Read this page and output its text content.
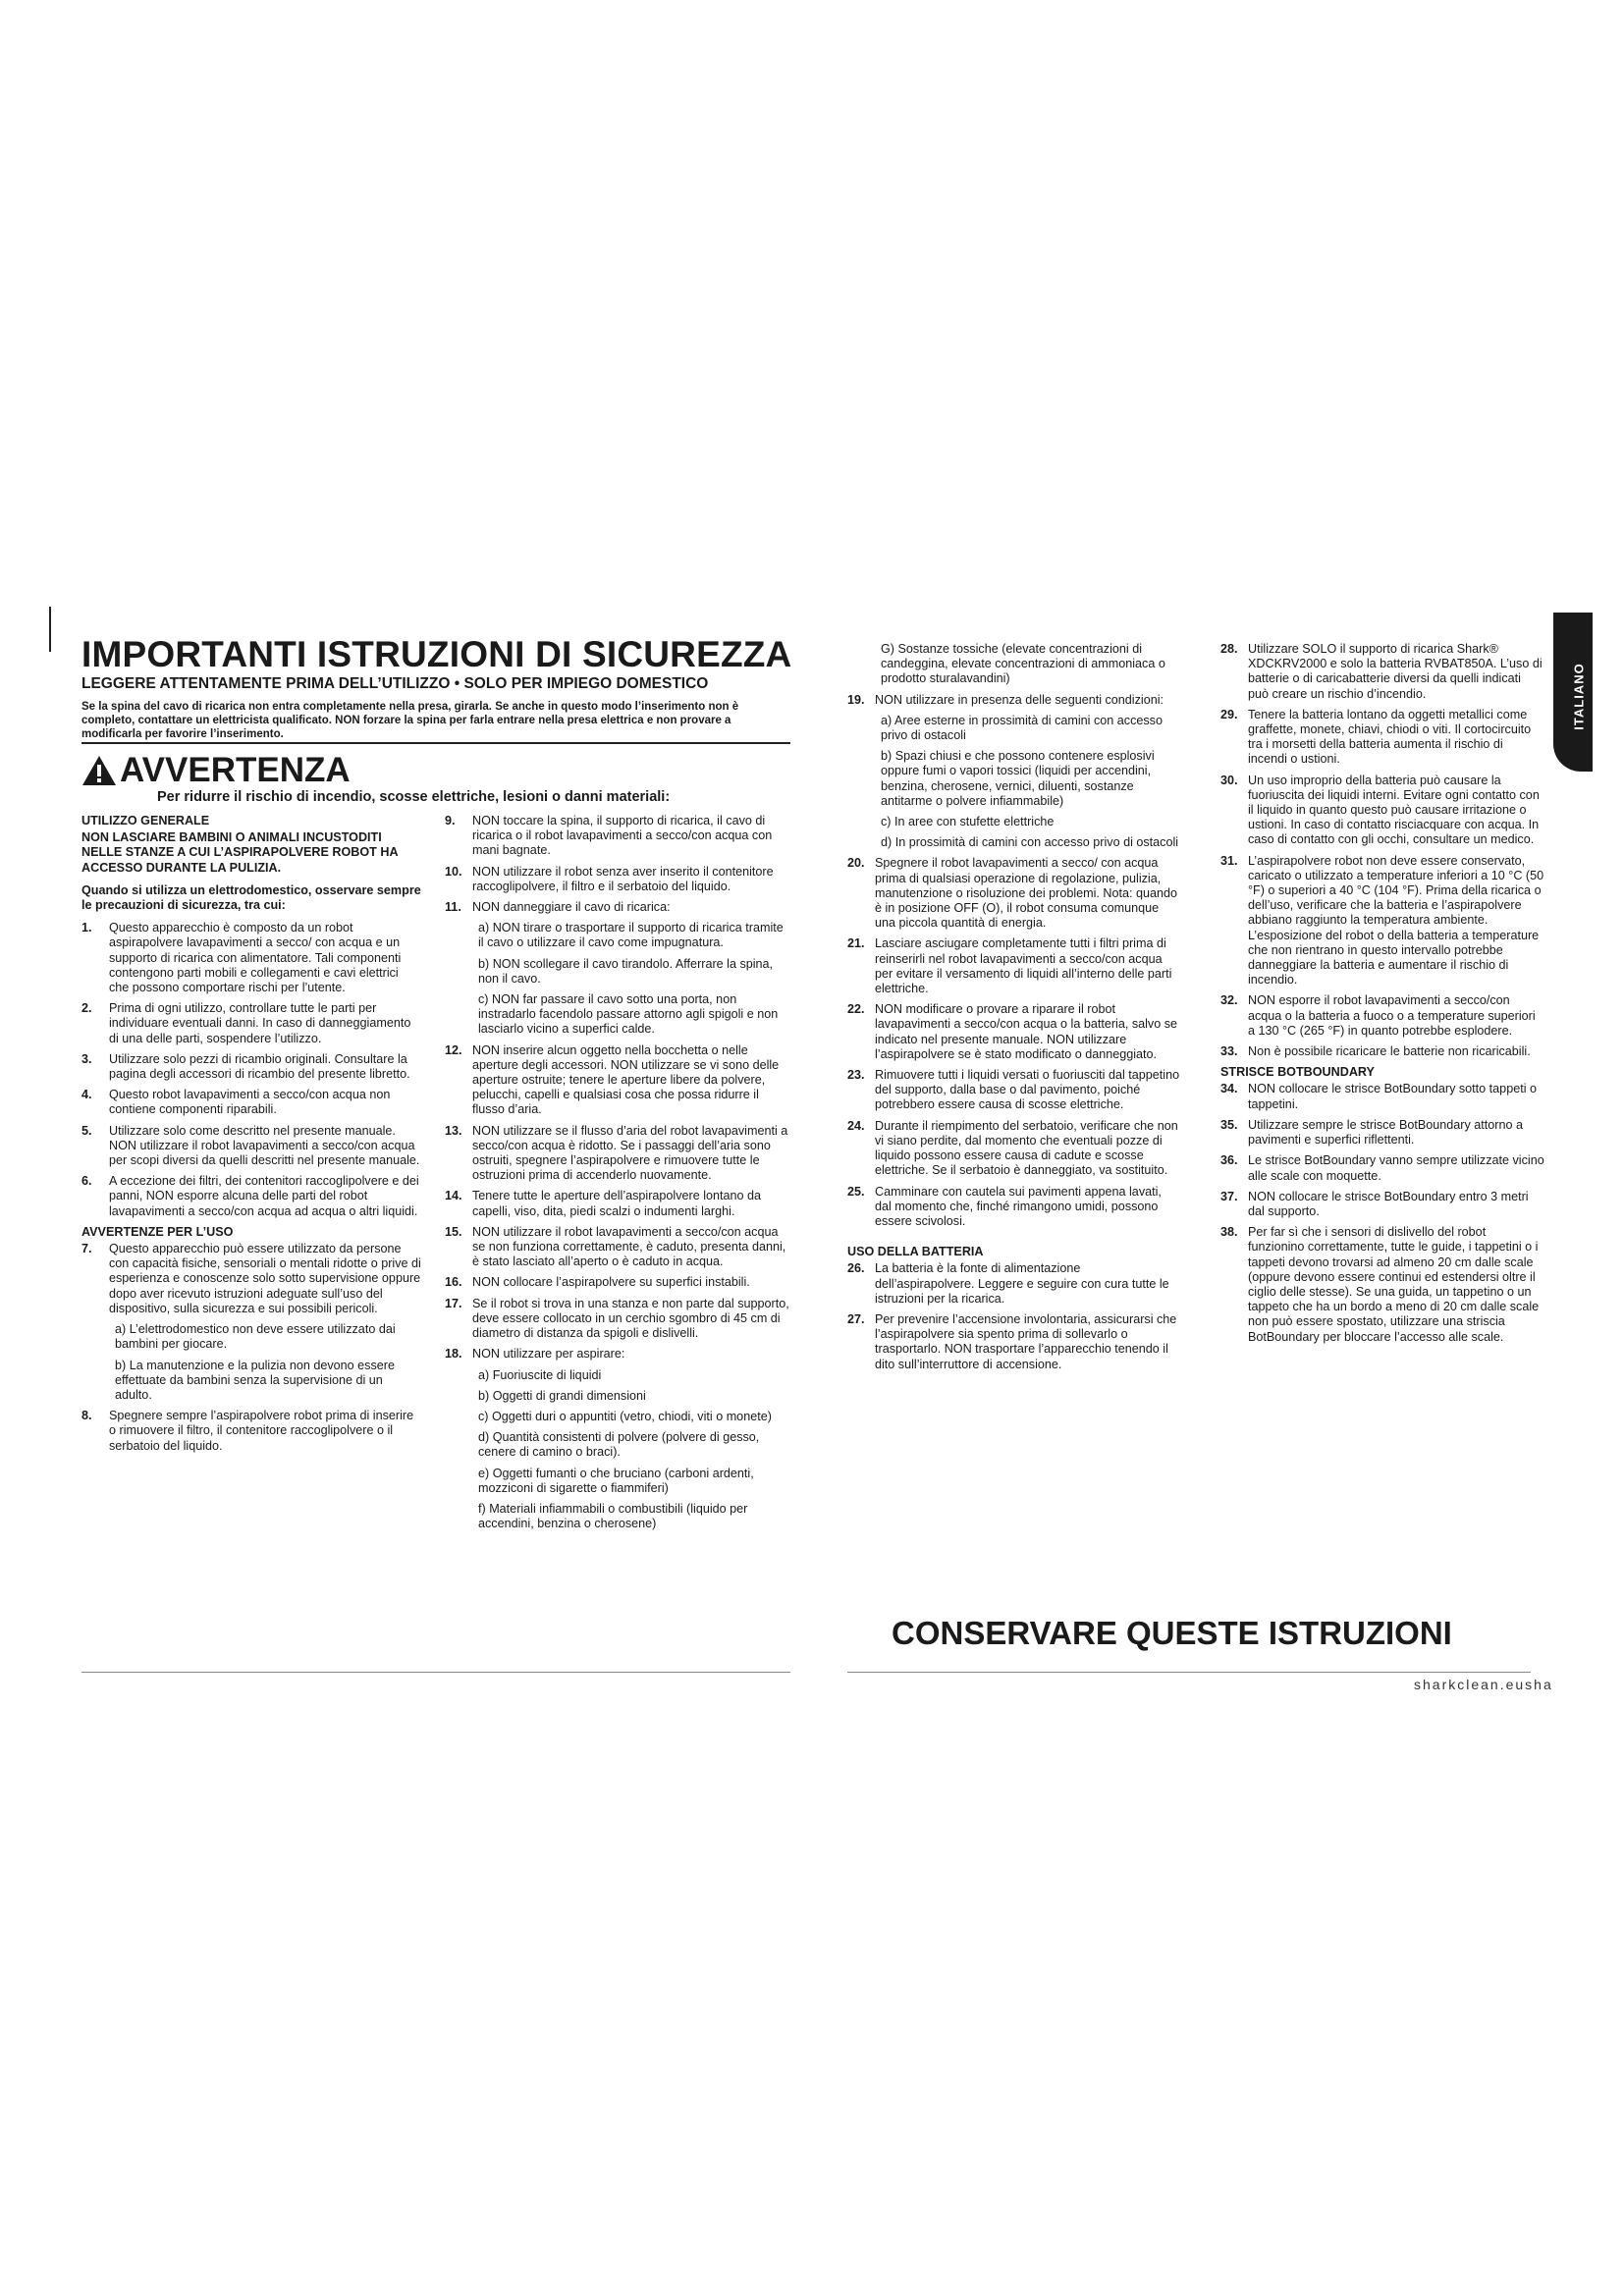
IMPORTANTI ISTRUZIONI DI SICUREZZA
LEGGERE ATTENTAMENTE PRIMA DELL’UTILIZZO • SOLO PER IMPIEGO DOMESTICO
Se la spina del cavo di ricarica non entra completamente nella presa, girarla. Se anche in questo modo l’inserimento non è completo, contattare un elettricista qualificato. NON forzare la spina per farla entrare nella presa elettrica e non provare a modificarla per favorire l’inserimento.
AVVERTENZA
Per ridurre il rischio di incendio, scosse elettriche, lesioni o danni materiali:
UTILIZZO GENERALE
NON LASCIARE BAMBINI O ANIMALI INCUSTODITI NELLE STANZE A CUI L’ASPIRAPOLVERE ROBOT HA ACCESSO DURANTE LA PULIZIA.
Quando si utilizza un elettrodomestico, osservare sempre le precauzioni di sicurezza, tra cui:
1.	Questo apparecchio è composto da un robot aspirapolvere lavapavimenti a secco/ con acqua e un supporto di ricarica con alimentatore. Tali componenti contengono parti mobili e collegamenti e cavi elettrici che possono comportare rischi per l’utente.
2.	Prima di ogni utilizzo, controllare tutte le parti per individuare eventuali danni. In caso di danneggiamento di una delle parti, sospendere l’utilizzo.
3.	Utilizzare solo pezzi di ricambio originali. Consultare la pagina degli accessori di ricambio del presente libretto.
4.	Questo robot lavapavimenti a secco/con acqua non contiene componenti riparabili.
5.	Utilizzare solo come descritto nel presente manuale. NON utilizzare il robot lavapavimenti a secco/con acqua per scopi diversi da quelli descritti nel presente manuale.
6.	A eccezione dei filtri, dei contenitori raccoglipolvere e dei panni, NON esporre alcuna delle parti del robot lavapavimenti a secco/con acqua ad acqua o altri liquidi.
AVVERTENZE PER L’USO
7.	Questo apparecchio può essere utilizzato da persone con capacità fisiche, sensoriali o mentali ridotte o prive di esperienza e conoscenze solo sotto supervisione oppure dopo aver ricevuto istruzioni adeguate sull’uso del dispositivo, sulla sicurezza e sui possibili pericoli.
a) L’elettrodomestico non deve essere utilizzato dai bambini per giocare.
b) La manutenzione e la pulizia non devono essere effettuate da bambini senza la supervisione di un adulto.
8.	Spegnere sempre l’aspirapolvere robot prima di inserire o rimuovere il filtro, il contenitore raccoglipolvere o il serbatoio del liquido.
9.	NON toccare la spina, il supporto di ricarica, il cavo di ricarica o il robot lavapavimenti a secco/con acqua con mani bagnate.
10. NON utilizzare il robot senza aver inserito il contenitore raccoglipolvere, il filtro e il serbatoio del liquido.
11. NON danneggiare il cavo di ricarica:
a) NON tirare o trasportare il supporto di ricarica tramite il cavo o utilizzare il cavo come impugnatura.
b) NON scollegare il cavo tirandolo. Afferrare la spina, non il cavo.
c) NON far passare il cavo sotto una porta, non instradarlo facendolo passare attorno agli spigoli e non lasciarlo vicino a superfici calde.
12. NON inserire alcun oggetto nella bocchetta o nelle aperture degli accessori. NON utilizzare se vi sono delle aperture ostruite; tenere le aperture libere da polvere, pelucchi, capelli e qualsiasi cosa che possa ridurre il flusso d’aria.
13. NON utilizzare se il flusso d’aria del robot lavapavimenti a secco/con acqua è ridotto. Se i passaggi dell’aria sono ostruiti, spegnere l’aspirapolvere e rimuovere tutte le ostruzioni prima di accenderlo nuovamente.
14. Tenere tutte le aperture dell’aspirapolvere lontano da capelli, viso, dita, piedi scalzi o indumenti larghi.
15. NON utilizzare il robot lavapavimenti a secco/con acqua se non funziona correttamente, è caduto, presenta danni, è stato lasciato all’aperto o è caduto in acqua.
16. NON collocare l’aspirapolvere su superfici instabili.
17. Se il robot si trova in una stanza e non parte dal supporto, deve essere collocato in un cerchio sgombro di 45 cm di diametro di distanza da spigoli e dislivelli.
18. NON utilizzare per aspirare:
a) Fuoriuscite di liquidi
b) Oggetti di grandi dimensioni
c) Oggetti duri o appuntiti (vetro, chiodi, viti o monete)
d) Quantità consistenti di polvere (polvere di gesso, cenere di camino o braci).
e) Oggetti fumanti o che bruciano (carboni ardenti, mozziconi di sigarette o fiammiferi)
f) Materiali infiammabili o combustibili (liquido per accendini, benzina o cherosene)
G) Sostanze tossiche (elevate concentrazioni di candeggina, elevate concentrazioni di ammoniaca o prodotto sturalavandini)
19. NON utilizzare in presenza delle seguenti condizioni:
a) Aree esterne in prossimità di camini con accesso privo di ostacoli
b) Spazi chiusi e che possono contenere esplosivi oppure fumi o vapori tossici (liquidi per accendini, benzina, cherosene, vernici, diluenti, sostanze antitarme o polvere infiammabile)
c) In aree con stufette elettriche
d) In prossimità di camini con accesso privo di ostacoli
20. Spegnere il robot lavapavimenti a secco/ con acqua prima di qualsiasi operazione di regolazione, pulizia, manutenzione o risoluzione dei problemi. Nota: quando è in posizione OFF (O), il robot consuma comunque una piccola quantità di energia.
21. Lasciare asciugare completamente tutti i filtri prima di reinserirli nel robot lavapavimenti a secco/con acqua per evitare il versamento di liquidi all’interno delle parti elettriche.
22. NON modificare o provare a riparare il robot lavapavimenti a secco/con acqua o la batteria, salvo se indicato nel presente manuale. NON utilizzare l’aspirapolvere se è stato modificato o danneggiato.
23. Rimuovere tutti i liquidi versati o fuoriusciti dal tappetino del supporto, dalla base o dal pavimento, poiché potrebbero essere causa di scosse elettriche.
24. Durante il riempimento del serbatoio, verificare che non vi siano perdite, dal momento che eventuali pozze di liquido possono essere causa di cadute e scosse elettriche. Se il serbatoio è danneggiato, va sostituito.
25. Camminare con cautela sui pavimenti appena lavati, dal momento che, finché rimangono umidi, possono essere scivolosi.
USO DELLA BATTERIA
26. La batteria è la fonte di alimentazione dell’aspirapolvere. Leggere e seguire con cura tutte le istruzioni per la ricarica.
27. Per prevenire l’accensione involontaria, assicurarsi che l’aspirapolvere sia spento prima di sollevarlo o trasportarlo. NON trasportare l’apparecchio tenendo il dito sull’interruttore di accensione.
28. Utilizzare SOLO il supporto di ricarica Shark® XDCKRV2000 e solo la batteria RVBAT850A. L’uso di batterie o di caricabatterie diversi da quelli indicati può creare un rischio d’incendio.
29. Tenere la batteria lontano da oggetti metallici come graffette, monete, chiavi, chiodi o viti. Il cortocircuito tra i morsetti della batteria aumenta il rischio di incendi o ustioni.
30. Un uso improprio della batteria può causare la fuoriuscita dei liquidi interni. Evitare ogni contatto con il liquido in quanto questo può causare irritazione o ustioni. In caso di contatto risciacquare con acqua. In caso di contatto con gli occhi, consultare un medico.
31. L’aspirapolvere robot non deve essere conservato, caricato o utilizzato a temperature inferiori a 10 °C (50 °F) o superiori a 40 °C (104 °F). Prima della ricarica o dell’uso, verificare che la batteria e l’aspirapolvere abbiano raggiunto la temperatura ambiente. L’esposizione del robot o della batteria a temperature che non rientrano in questo intervallo potrebbe danneggiare la batteria e aumentare il rischio di incendio.
32. NON esporre il robot lavapavimenti a secco/con acqua o la batteria a fuoco o a temperature superiori a 130 °C (265 °F) in quanto potrebbe esplodere.
33. Non è possibile ricaricare le batterie non ricaricabili.
STRISCE BOTBOUNDARY
34. NON collocare le strisce BotBoundary sotto tappeti o tappetini.
35. Utilizzare sempre le strisce BotBoundary attorno a pavimenti e superfici riflettenti.
36. Le strisce BotBoundary vanno sempre utilizzate vicino alle scale con moquette.
37. NON collocare le strisce BotBoundary entro 3 metri dal supporto.
38. Per far sì che i sensori di dislivello del robot funzionino correttamente, tutte le guide, i tappetini o i tappeti devono trovarsi ad almeno 20 cm dalle scale (oppure devono essere continui ed estendersi oltre il ciglio delle stesse). Se una guida, un tappetino o un tappeto che ha un bordo a meno di 20 cm dalle scale non può essere spostato, utilizzare una striscia BotBoundary per bloccare l’accesso alle scale.
ITALIANO
CONSERVARE QUESTE ISTRUZIONI
sharkclean.eusha
